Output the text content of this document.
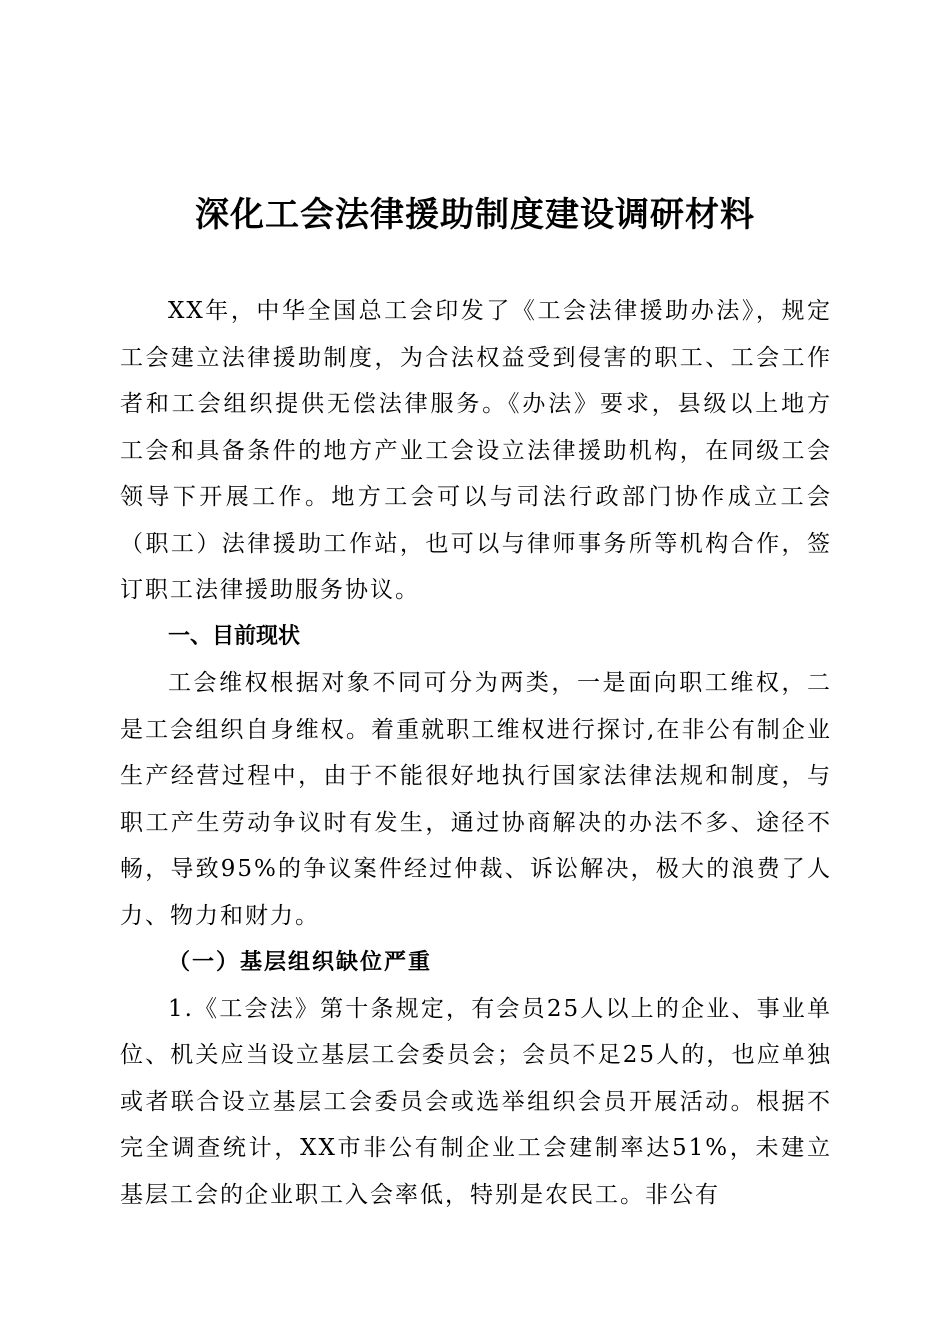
深化工会法律援助制度建设调研材料

XX年，中华全国总工会印发了《工会法律援助办法》，规定工会建立法律援助制度，为合法权益受到侵害的职工、工会工作者和工会组织提供无偿法律服务。《办法》要求，县级以上地方工会和具备条件的地方产业工会设立法律援助机构，在同级工会领导下开展工作。地方工会可以与司法行政部门协作成立工会（职工）法律援助工作站，也可以与律师事务所等机构合作，签订职工法律援助服务协议。

一、目前现状

工会维权根据对象不同可分为两类，一是面向职工维权，二是工会组织自身维权。着重就职工维权进行探讨,在非公有制企业生产经营过程中，由于不能很好地执行国家法律法规和制度，与职工产生劳动争议时有发生，通过协商解决的办法不多、途径不畅，导致95%的争议案件经过仲裁、诉讼解决，极大的浪费了人力、物力和财力。

（一）基层组织缺位严重

1.《工会法》第十条规定，有会员25人以上的企业、事业单位、机关应当设立基层工会委员会；会员不足25人的，也应单独或者联合设立基层工会委员会或选举组织会员开展活动。根据不完全调查统计，XX市非公有制企业工会建制率达51%，未建立基层工会的企业职工入会率低，特别是农民工。非公有
